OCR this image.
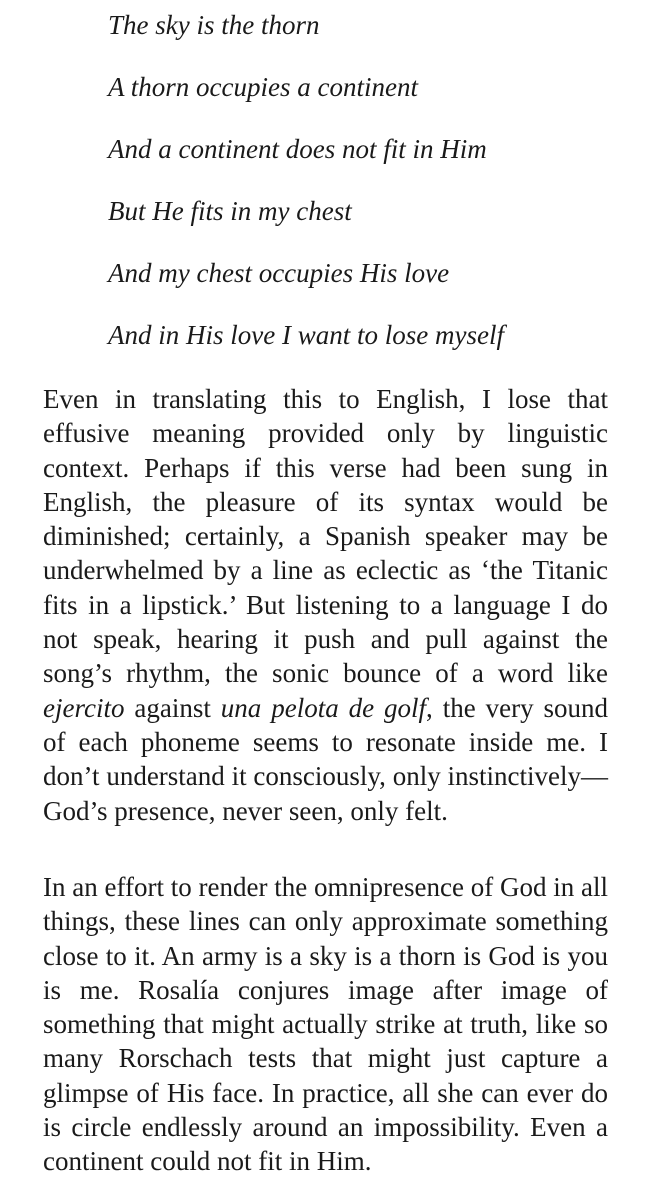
The sky is the thorn
A thorn occupies a continent
And a continent does not fit in Him
But He fits in my chest
And my chest occupies His love
And in His love I want to lose myself

Even in translating this to English, I lose that effusive meaning provided only by linguistic context. Perhaps if this verse had been sung in English, the pleasure of its syntax would be diminished; certainly, a Spanish speaker may be underwhelmed by a line as eclectic as ‘the Titanic fits in a lipstick.’ But listening to a language I do not speak, hearing it push and pull against the song’s rhythm, the sonic bounce of a word like ejercito against una pelota de golf, the very sound of each phoneme seems to resonate inside me. I don’t understand it consciously, only instinctively—God’s presence, never seen, only felt.

In an effort to render the omnipresence of God in all things, these lines can only approximate something close to it. An army is a sky is a thorn is God is you is me. Rosalía conjures image after image of something that might actually strike at truth, like so many Rorschach tests that might just capture a glimpse of His face. In practice, all she can ever do is circle endlessly around an impossibility. Even a continent could not fit in Him.
